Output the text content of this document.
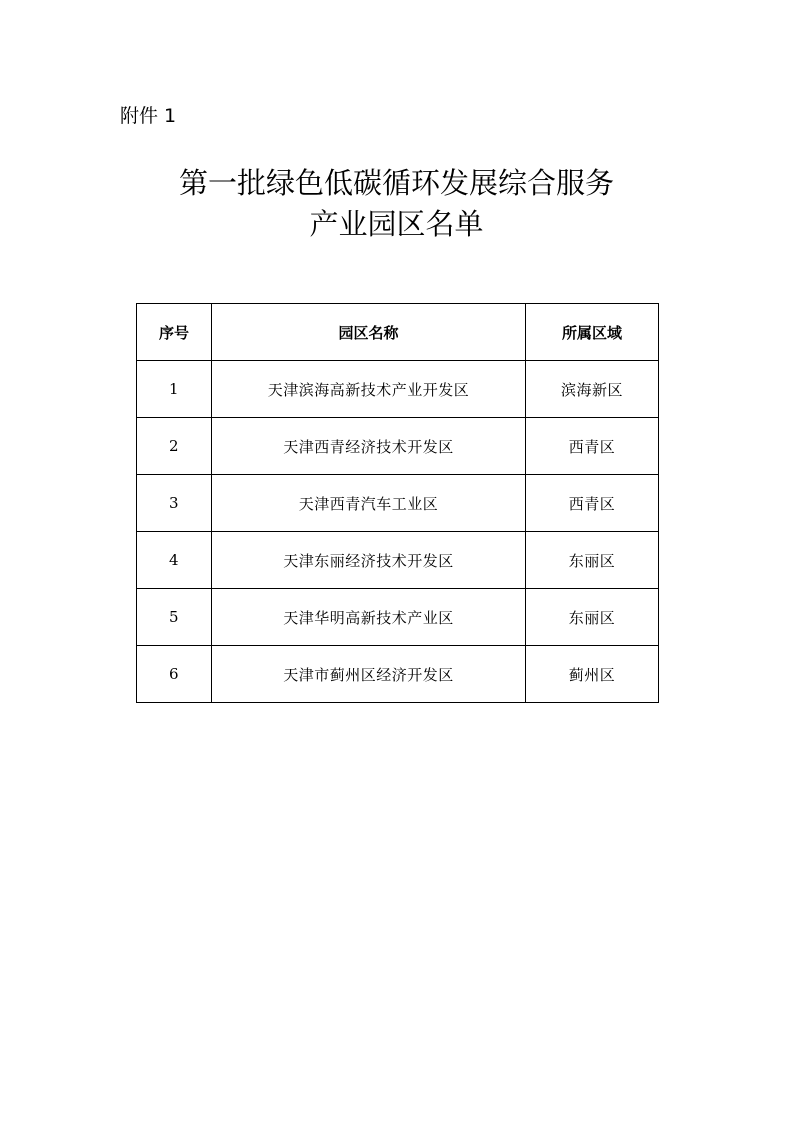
附件 1
第一批绿色低碳循环发展综合服务
产业园区名单
序号	园区名称	所属区域
1	天津滨海高新技术产业开发区	滨海新区
2	天津西青经济技术开发区	西青区
3	天津西青汽车工业区	西青区
4	天津东丽经济技术开发区	东丽区
5	天津华明高新技术产业区	东丽区
6	天津市蓟州区经济开发区	蓟州区
